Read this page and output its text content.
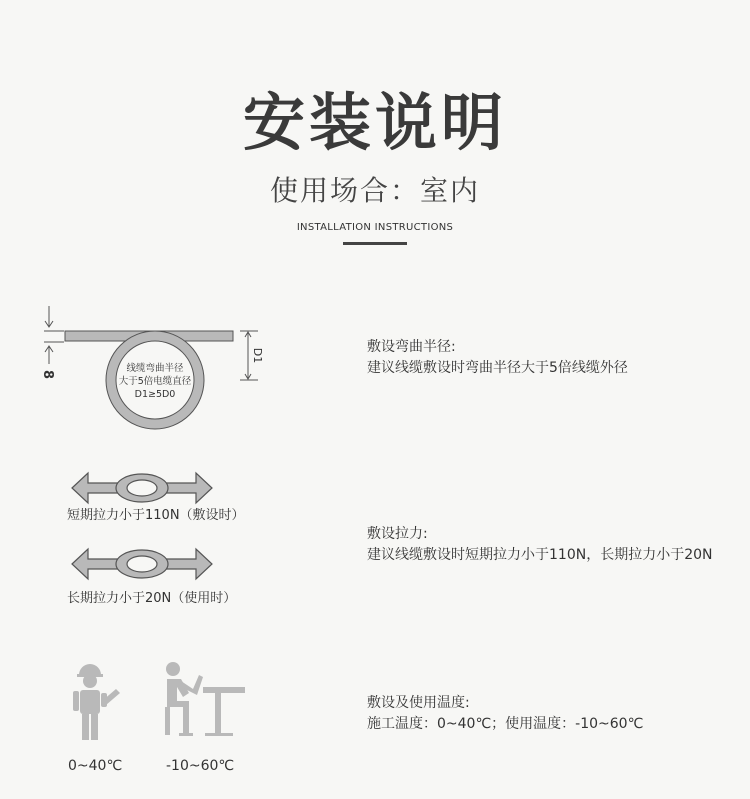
安装说明
使用场合：室内
INSTALLATION INSTRUCTIONS
8
D1
线缆弯曲半径
大于5倍电缆直径
D1≥5D0
敷设弯曲半径:
建议线缆敷设时弯曲半径大于5倍线缆外径
短期拉力小于110N（敷设时）
长期拉力小于20N（使用时）
敷设拉力:
建议线缆敷设时短期拉力小于110N，长期拉力小于20N
0~40℃	-10~60℃
敷设及使用温度:
施工温度：0~40℃；使用温度：-10~60℃
